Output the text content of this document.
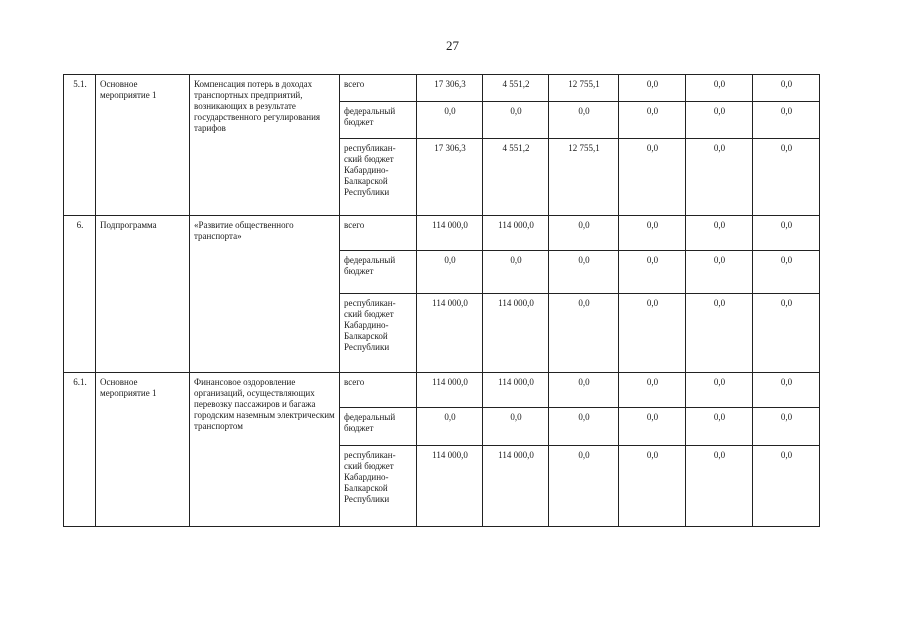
27
5.1.	Основное мероприятие 1	Компенсация потерь в доходах транспортных предприятий, возникающих в результате государственного регулирования тарифов	всего	17 306,3	4 551,2	12 755,1	0,0	0,0	0,0
			федеральный бюджет	0,0	0,0	0,0	0,0	0,0	0,0
			республикан-ский бюджет Кабардино-Балкарской Республики	17 306,3	4 551,2	12 755,1	0,0	0,0	0,0
6.	Подпрограмма	«Развитие общественного транспорта»	всего	114 000,0	114 000,0	0,0	0,0	0,0	0,0
			федеральный бюджет	0,0	0,0	0,0	0,0	0,0	0,0
			республикан-ский бюджет Кабардино-Балкарской Республики	114 000,0	114 000,0	0,0	0,0	0,0	0,0
6.1.	Основное мероприятие 1	Финансовое оздоровление организаций, осуществляющих перевозку пассажиров и багажа городским наземным электрическим транспортом	всего	114 000,0	114 000,0	0,0	0,0	0,0	0,0
			федеральный бюджет	0,0	0,0	0,0	0,0	0,0	0,0
			республикан-ский бюджет Кабардино-Балкарской Республики	114 000,0	114 000,0	0,0	0,0	0,0	0,0
